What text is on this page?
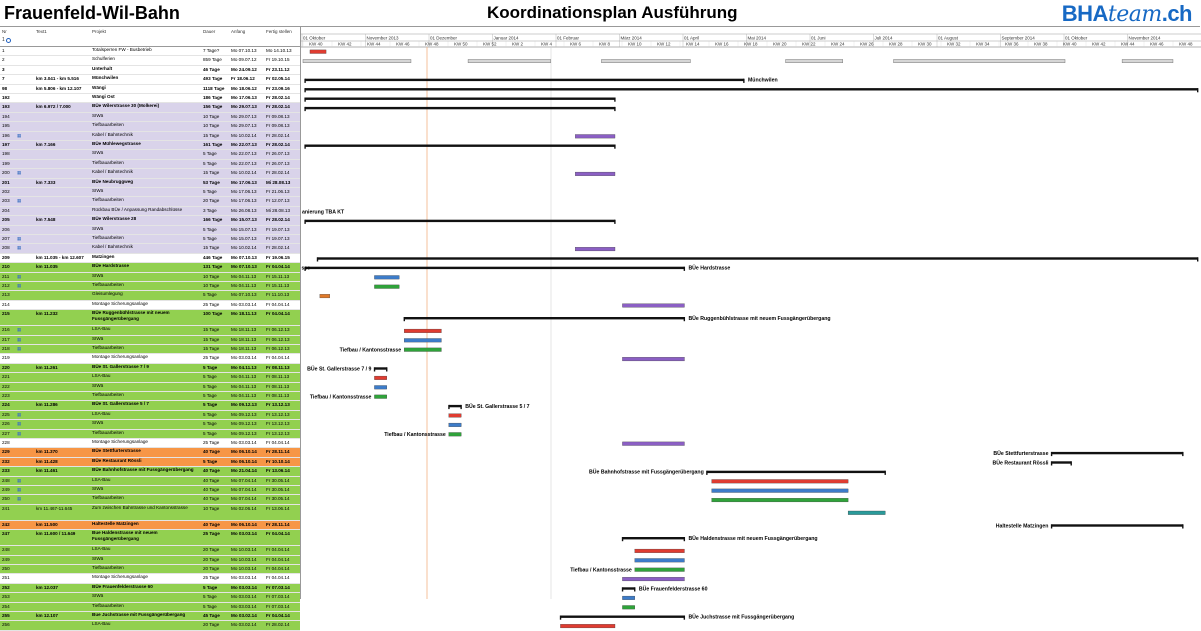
Frauenfeld-Wil-Bahn	Koordinationsplan Ausführung	BHAteam.ch
Nr	Text1	Projekt	Dauer	Anfang	Fertig stellen
1
1	Totalsperren FW - Busbetrieb	7 Tage?	Mo 07.10.13	Mo 14.10.13
2	Schulferien	859 Tage	Mo 09.07.12	Fr 19.10.15
3	Unterhalt	46 Tage	Mo 24.09.12	Fr 23.11.12
7	km 3.041 - km 5.516	Münchwilen	493 Tage	Fr 18.06.12	Fr 02.05.14
98	km 5.806 - km 12.107	Wängi	1118 Tage	Mo 18.06.12	Fr 23.09.16
192	Wängi Ost	186 Tage	Mo 17.06.13	Fr 28.02.14
193	km 6.972 / 7.000	BÜe Wilerstrasse 30 (Molkerei)	156 Tage	Mo 29.07.13	Fr 28.02.14
194	SIWä	10 Tage	Mo 29.07.13	Fr 09.08.13
195	Tiefbauarbeiten	10 Tage	Mo 29.07.13	Fr 09.08.13
196	▦	Kabel / Bahntechnik	15 Tage	Mo 10.02.14	Fr 28.02.14
197	km 7.166	BÜe Mühlewegstrasse	161 Tage	Mo 22.07.13	Fr 28.02.14
198	SIWä	5 Tage	Mo 22.07.13	Fr 26.07.13
199	Tiefbauarbeiten	5 Tage	Mo 22.07.13	Fr 26.07.13
200	▦	Kabel / Bahntechnik	15 Tage	Mo 10.02.14	Fr 28.02.14
201	km 7.333	BÜe Neubruggweg	53 Tage	Mo 17.06.13	Mi 28.08.13
202	SIWä	5 Tage	Mo 17.06.13	Fr 21.06.13
203	▦	Tiefbauarbeiten	20 Tage	Mo 17.06.13	Fr 12.07.13
204	Rückbau BÜe / Anpassung Randabschlüsse	3 Tage	Mo 26.08.13	Mi 28.08.13
205	km 7.548	BÜe Wilerstrasse 28	166 Tage	Mo 15.07.13	Fr 28.02.14
206	SIWä	5 Tage	Mo 15.07.13	Fr 19.07.13
207	▦	Tiefbauarbeiten	5 Tage	Mo 15.07.13	Fr 19.07.13
208	▦	Kabel / Bahntechnik	15 Tage	Mo 10.02.14	Fr 28.02.14
209	km 11.035 - km 12.607	Matzingen	446 Tage	Mo 07.10.13	Fr 19.06.15
210	km 11.035	BÜe Hardstrasse	131 Tage	Mo 07.10.13	Fr 04.04.14
211	▦	SIWä	10 Tage	Mo 04.11.13	Fr 15.11.13
212	▦	Tiefbauarbeiten	10 Tage	Mo 04.11.13	Fr 15.11.13
213	Gleisumlegung	5 Tage	Mo 07.10.13	Fr 11.10.13
214	Montage Sicherungsanlage	25 Tage	Mo 03.03.14	Fr 04.04.14
215	km 11.232	BÜe Ruggenbühlstrasse mit neuem Fussgängerübergang
100 Tage	Mo 18.11.13	Fr 04.04.14
216	▦	LSA-Bau	15 Tage	Mo 18.11.13	Fr 06.12.13
217	▦	SIWä	15 Tage	Mo 18.11.13	Fr 06.12.13
218	▦	Tiefbauarbeiten	15 Tage	Mo 18.11.13	Fr 06.12.13
219	Montage Sicherungsanlage	25 Tage	Mo 03.03.14	Fr 04.04.14
220	km 11.261	BÜe St. Gallerstrasse 7 / 9	5 Tage	Mo 04.11.13	Fr 08.11.13
221	LSA-Bau	5 Tage	Mo 04.11.13	Fr 08.11.13
222	SIWä	5 Tage	Mo 04.11.13	Fr 08.11.13
223	Tiefbauarbeiten	5 Tage	Mo 04.11.13	Fr 08.11.13
224	km 11.286	BÜe St. Gallerstrasse 5 / 7	5 Tage	Mo 09.12.13	Fr 13.12.13
225	▦	LSA-Bau	5 Tage	Mo 09.12.13	Fr 13.12.13
226	▦	SIWä	5 Tage	Mo 09.12.13	Fr 13.12.13
227	▦	Tiefbauarbeiten	5 Tage	Mo 09.12.13	Fr 13.12.13
228	Montage Sicherungsanlage	25 Tage	Mo 03.03.14	Fr 04.04.14
229	km 11.370	BÜe Stettfurterstrasse	40 Tage	Mo 06.10.14	Fr 28.11.14
232	km 11.428	BÜe Restaurant Rössli	5 Tage	Mo 06.10.14	Fr 10.10.14
233	km 11.461	BÜe Bahnhofstrasse mit Fussgängerübergang	40 Tage	Mo 21.04.14	Fr 13.06.14
248	▦	LSA-Bau	40 Tage	Mo 07.04.14	Fr 30.05.14
249	▦	SIWä	40 Tage	Mo 07.04.14	Fr 30.05.14
250	▦	Tiefbauarbeiten	40 Tage	Mo 07.04.14	Fr 30.05.14
241	km 11.467-11.645	Zum zwischen Bahntrasse und Kantonsstrasse	10 Tage	Mo 02.06.14	Fr 13.06.14
242	km 11.500	Haltestelle Matzingen	40 Tage	Mo 06.10.14	Fr 28.11.14
247	km 11.600 / 11.649	Bue Haldenstrasse mit neuem Fussgängerübergang
25 Tage	Mo 03.03.14	Fr 04.04.14
248	LSA-Bau	20 Tage	Mo 10.03.14	Fr 04.04.14
249	SIWä	20 Tage	Mo 10.03.14	Fr 04.04.14
250	Tiefbauarbeiten	20 Tage	Mo 10.03.14	Fr 04.04.14
251	Montage Sicherungsanlage	25 Tage	Mo 03.03.14	Fr 04.04.14
252	km 12.037	BÜe Frauenfelderstrasse 60	5 Tage	Mo 03.03.14	Fr 07.03.14
253	SIWä	5 Tage	Mo 03.03.14	Fr 07.03.14
254	Tiefbauarbeiten	5 Tage	Mo 03.03.14	Fr 07.03.14
255	km 12.107	Bue Juchstrasse mit Fussgängerübergang	45 Tage	Mo 03.02.14	Fr 04.04.14
256	LSA-Bau	20 Tage	Mo 03.02.14	Fr 28.02.14
01 Oktober	November 2013	01 Dezember	Januar 2014	01 Februar	März 2014	01 April	Mai 2014	01 Juni	Juli 2014	01 August	September 2014	01 Oktober	November 2014
KW 40	KW 42	KW 44	KW 46	KW 48	KW 50	KW 52	KW 2	KW 4	KW 6	KW 8	KW 10	KW 12	KW 14	KW 16	KW 18	KW 20	KW 22	KW 24	KW 26	KW 28	KW 30	KW 32	KW 34	KW 36	KW 38	KW 40	KW 42	KW 44	KW 46	KW 48
Münchwilen
anierung TBA KT
BÜe Hardstrasse
sse
BÜe Ruggenbühlstrasse mit neuem Fussgängerübergang
Tiefbau / Kantonsstrasse
BÜe St. Gallerstrasse 7 / 9
Tiefbau / Kantonsstrasse
BÜe St. Gallerstrasse 5 / 7
Tiefbau / Kantonsstrasse
BÜe Stettfurterstrasse
BÜe Restaurant Rössli
BÜe Bahnhofstrasse mit Fussgängerübergang
Haltestelle Matzingen
BÜe Haldenstrasse mit neuem Fussgängerübergang
Tiefbau / Kantonsstrasse
BÜe Frauenfelderstrasse 60
BÜe Juchstrasse mit Fussgängerübergang
